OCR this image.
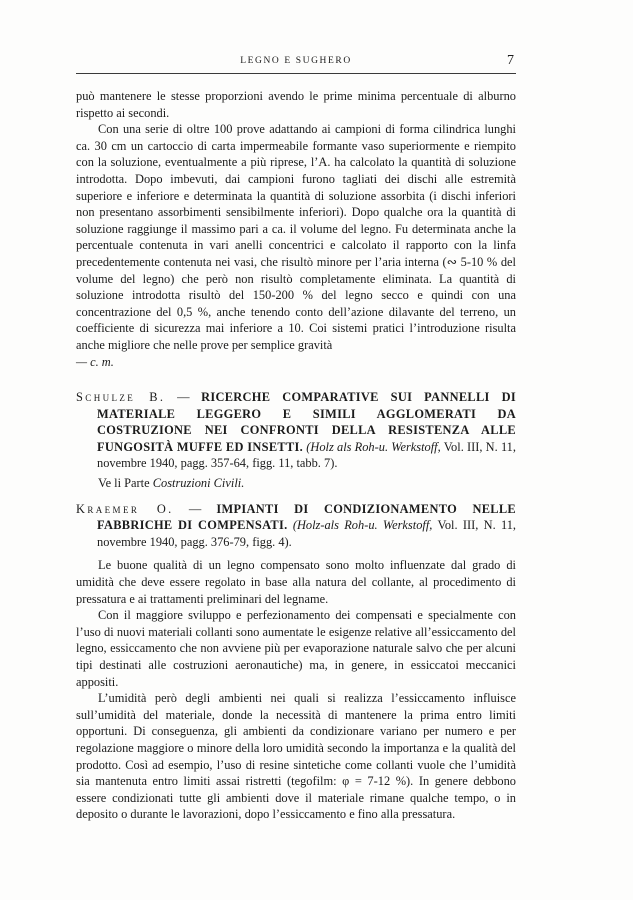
LEGNO E SUGHERO	7

può mantenere le stesse proporzioni avendo le prime minima percentuale di alburno rispetto ai secondi.

Con una serie di oltre 100 prove adattando ai campioni di forma cilindrica lunghi ca. 30 cm un cartoccio di carta impermeabile formante vaso superiormente e riempito con la soluzione, eventualmente a più riprese, l’A. ha calcolato la quantità di soluzione introdotta. Dopo imbevuti, dai campioni furono tagliati dei dischi alle estremità superiore e inferiore e determinata la quantità di soluzione assorbita (i dischi inferiori non presentano assorbimenti sensibilmente inferiori). Dopo qualche ora la quantità di soluzione raggiunge il massimo pari a ca. il volume del legno. Fu determinata anche la percentuale contenuta in vari anelli concentrici e calcolato il rapporto con la linfa precedentemente contenuta nei vasi, che risultò minore per l’aria interna (∾ 5-10 % del volume del legno) che però non risultò completamente eliminata. La quantità di soluzione introdotta risultò del 150-200 % del legno secco e quindi con una concentrazione del 0,5 %, anche tenendo conto dell’azione dilavante del terreno, un coefficiente di sicurezza mai inferiore a 10. Coi sistemi pratici l’introduzione risulta anche migliore che nelle prove per semplice gravità
— c. m.

Schulze B. — RICERCHE COMPARATIVE SUI PANNELLI DI MATERIALE LEGGERO E SIMILI AGGLOMERATI DA COSTRUZIONE NEI CONFRONTI DELLA RESISTENZA ALLE FUNGOSITÀ MUFFE ED INSETTI. (Holz als Roh-u. Werkstoff, Vol. III, N. 11, novembre 1940, pagg. 357-64, figg. 11, tabb. 7).

Ve li Parte Costruzioni Civili.

Kraemer O. — IMPIANTI DI CONDIZIONAMENTO NELLE FABBRICHE DI COMPENSATI. (Holz-als Roh-u. Werkstoff, Vol. III, N. 11, novembre 1940, pagg. 376-79, figg. 4).

Le buone qualità di un legno compensato sono molto influenzate dal grado di umidità che deve essere regolato in base alla natura del collante, al procedimento di pressatura e ai trattamenti preliminari del legname.

Con il maggiore sviluppo e perfezionamento dei compensati e specialmente con l’uso di nuovi materiali collanti sono aumentate le esigenze relative all’essiccamento del legno, essiccamento che non avviene più per evaporazione naturale salvo che per alcuni tipi destinati alle costruzioni aeronautiche) ma, in genere, in essiccatoi meccanici appositi.

L’umidità però degli ambienti nei quali si realizza l’essiccamento influisce sull’umidità del materiale, donde la necessità di mantenere la prima entro limiti opportuni. Di conseguenza, gli ambienti da condizionare variano per numero e per regolazione maggiore o minore della loro umidità secondo la importanza e la qualità del prodotto. Così ad esempio, l’uso di resine sintetiche come collanti vuole che l’umidità sia mantenuta entro limiti assai ristretti (tegofilm: φ = 7-12 %). In genere debbono essere condizionati tutte gli ambienti dove il materiale rimane qualche tempo, o in deposito o durante le lavorazioni, dopo l’essiccamento e fino alla pressatura.
